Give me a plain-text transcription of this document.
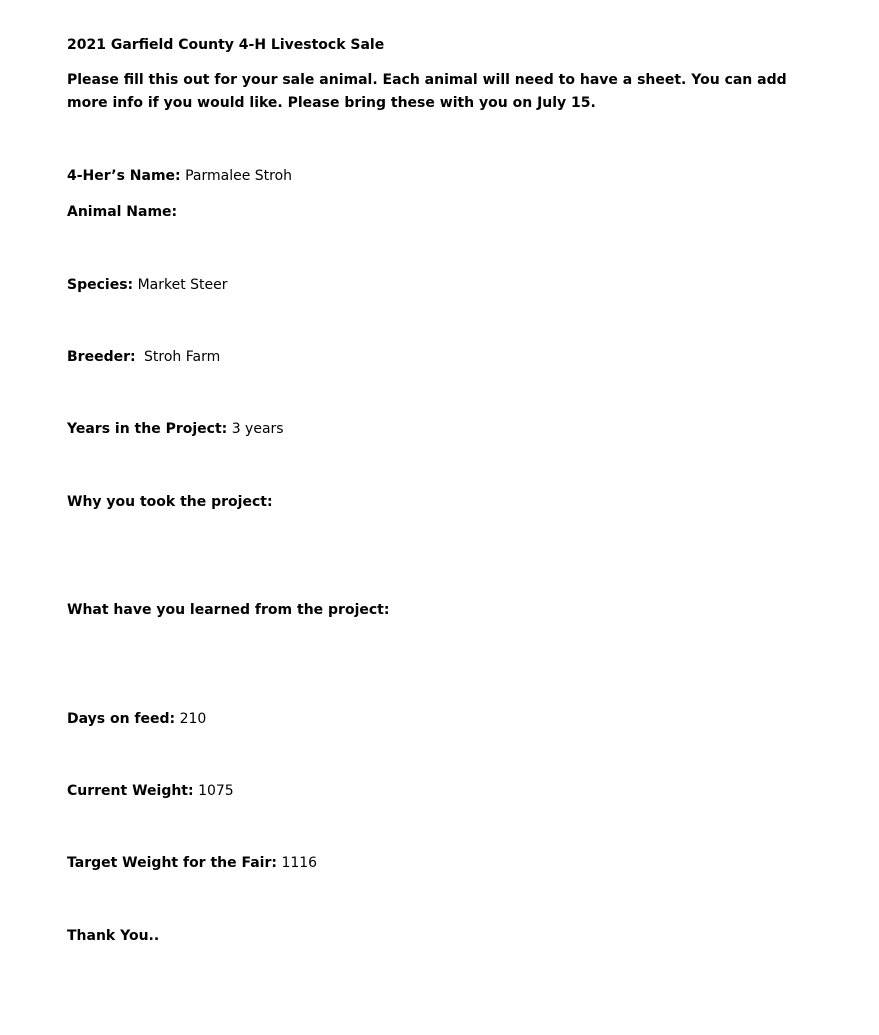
2021 Garfield County 4-H Livestock Sale
Please fill this out for your sale animal. Each animal will need to have a sheet. You can add more info if you would like. Please bring these with you on July 15.
4-Her’s Name: Parmalee Stroh
Animal Name:
Species: Market Steer
Breeder: Stroh Farm
Years in the Project: 3 years
Why you took the project:
What have you learned from the project:
Days on feed: 210
Current Weight: 1075
Target Weight for the Fair: 1116
Thank You..
